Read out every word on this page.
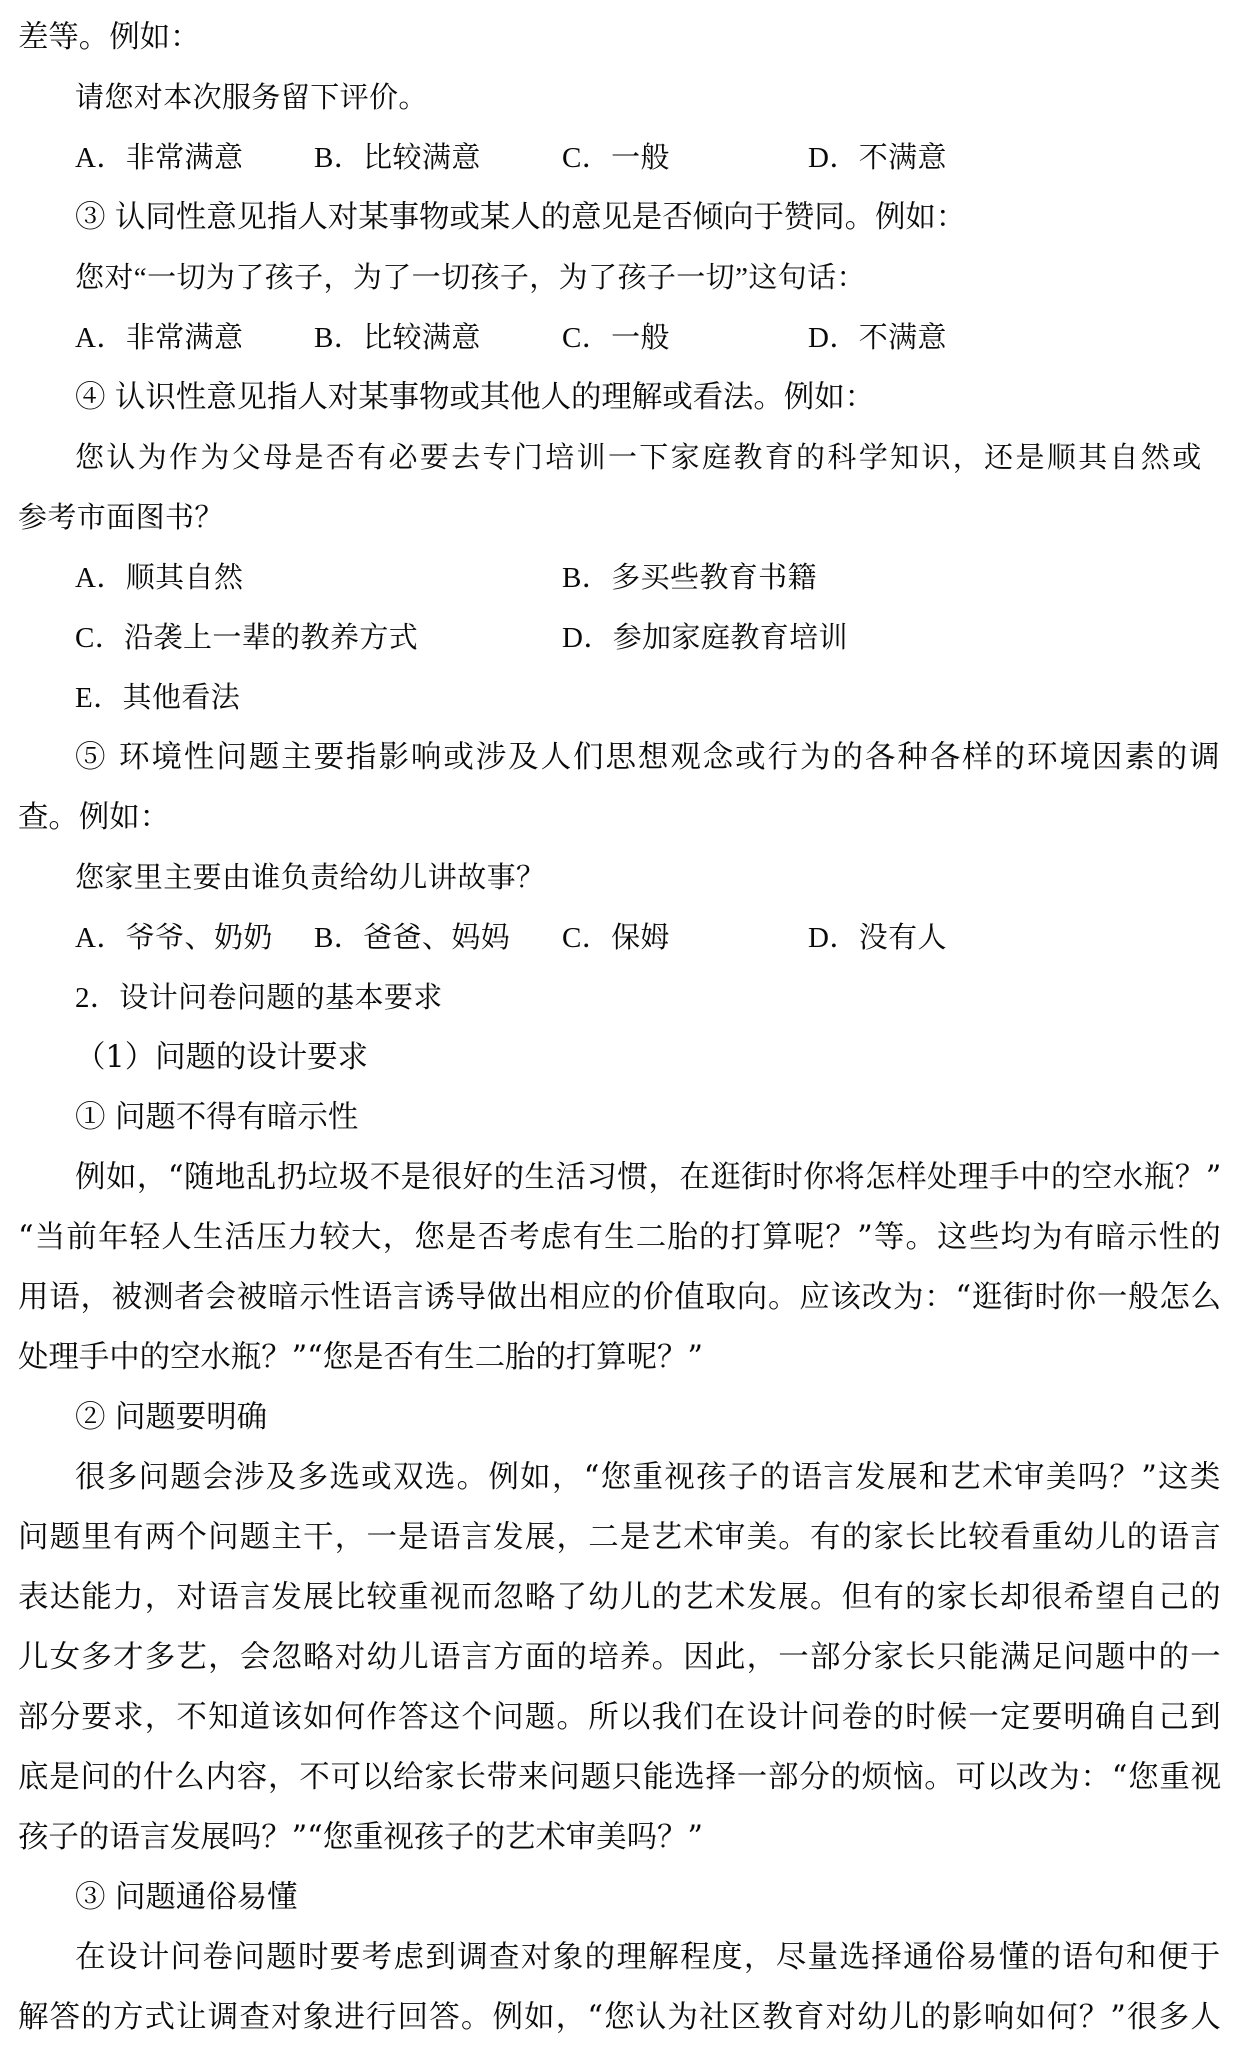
差等。例如：
请您对本次服务留下评价。
A．非常满意 B．比较满意	C．一般	D．不满意
③ 认同性意见指人对某事物或某人的意见是否倾向于赞同。例如：
您对“一切为了孩子，为了一切孩子，为了孩子一切”这句话：
A．非常满意 B．比较满意	C．一般	D．不满意
④ 认识性意见指人对某事物或其他人的理解或看法。例如：
您认为作为父母是否有必要去专门培训一下家庭教育的科学知识，还是顺其自然或
参考市面图书？
A．顺其自然	B．多买些教育书籍
C．沿袭上一辈的教养方式	D．参加家庭教育培训
E．其他看法
⑤ 环境性问题主要指影响或涉及人们思想观念或行为的各种各样的环境因素的调
查。例如：
您家里主要由谁负责给幼儿讲故事？
A．爷爷、奶奶 B．爸爸、妈妈 C．保姆	D．没有人
2．设计问卷问题的基本要求
（1）问题的设计要求
① 问题不得有暗示性
例如，“随地乱扔垃圾不是很好的生活习惯，在逛街时你将怎样处理手中的空水瓶？”
“当前年轻人生活压力较大，您是否考虑有生二胎的打算呢？”等。这些均为有暗示性的
用语，被测者会被暗示性语言诱导做出相应的价值取向。应该改为：“逛街时你一般怎么
处理手中的空水瓶？”“您是否有生二胎的打算呢？”
② 问题要明确
很多问题会涉及多选或双选。例如，“您重视孩子的语言发展和艺术审美吗？”这类
问题里有两个问题主干，一是语言发展，二是艺术审美。有的家长比较看重幼儿的语言
表达能力，对语言发展比较重视而忽略了幼儿的艺术发展。但有的家长却很希望自己的
儿女多才多艺，会忽略对幼儿语言方面的培养。因此，一部分家长只能满足问题中的一
部分要求，不知道该如何作答这个问题。所以我们在设计问卷的时候一定要明确自己到
底是问的什么内容，不可以给家长带来问题只能选择一部分的烦恼。可以改为：“您重视
孩子的语言发展吗？”“您重视孩子的艺术审美吗？”
③ 问题通俗易懂
在设计问卷问题时要考虑到调查对象的理解程度，尽量选择通俗易懂的语句和便于
解答的方式让调查对象进行回答。例如，“您认为社区教育对幼儿的影响如何？”很多人
